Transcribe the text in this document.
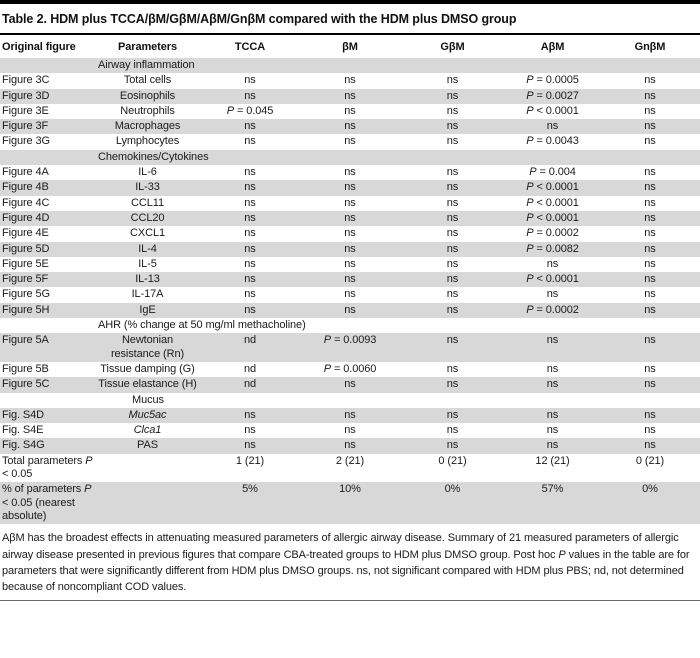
Table 2. HDM plus TCCA/βM/GβM/AβM/GnβM compared with the HDM plus DMSO group
Original figure	Parameters	TCCA	βM	GβM	AβM	GnβM
	Airway inflammation					
Figure 3C	Total cells	ns	ns	ns	P = 0.0005	ns
Figure 3D	Eosinophils	ns	ns	ns	P = 0.0027	ns
Figure 3E	Neutrophils	P = 0.045	ns	ns	P < 0.0001	ns
Figure 3F	Macrophages	ns	ns	ns	ns	ns
Figure 3G	Lymphocytes	ns	ns	ns	P = 0.0043	ns
	Chemokines/Cytokines					
Figure 4A	IL-6	ns	ns	ns	P = 0.004	ns
Figure 4B	IL-33	ns	ns	ns	P < 0.0001	ns
Figure 4C	CCL11	ns	ns	ns	P < 0.0001	ns
Figure 4D	CCL20	ns	ns	ns	P < 0.0001	ns
Figure 4E	CXCL1	ns	ns	ns	P = 0.0002	ns
Figure 5D	IL-4	ns	ns	ns	P = 0.0082	ns
Figure 5E	IL-5	ns	ns	ns	ns	ns
Figure 5F	IL-13	ns	ns	ns	P < 0.0001	ns
Figure 5G	IL-17A	ns	ns	ns	ns	ns
Figure 5H	IgE	ns	ns	ns	P = 0.0002	ns
	AHR (% change at 50 mg/ml methacholine)					
Figure 5A	Newtonian resistance (Rn)	nd	P = 0.0093	ns	ns	ns
Figure 5B	Tissue damping (G)	nd	P = 0.0060	ns	ns	ns
Figure 5C	Tissue elastance (H)	nd	ns	ns	ns	ns
	Mucus					
Fig. S4D	Muc5ac	ns	ns	ns	ns	ns
Fig. S4E	Clca1	ns	ns	ns	ns	ns
Fig. S4G	PAS	ns	ns	ns	ns	ns
Total parameters P < 0.05		1 (21)	2 (21)	0 (21)	12 (21)	0 (21)
% of parameters P < 0.05 (nearest absolute)		5%	10%	0%	57%	0%
AβM has the broadest effects in attenuating measured parameters of allergic airway disease. Summary of 21 measured parameters of allergic airway disease presented in previous figures that compare CBA-treated groups to HDM plus DMSO group. Post hoc P values in the table are for parameters that were significantly different from HDM plus DMSO groups. ns, not significant compared with HDM plus PBS; nd, not determined because of noncompliant COD values.
